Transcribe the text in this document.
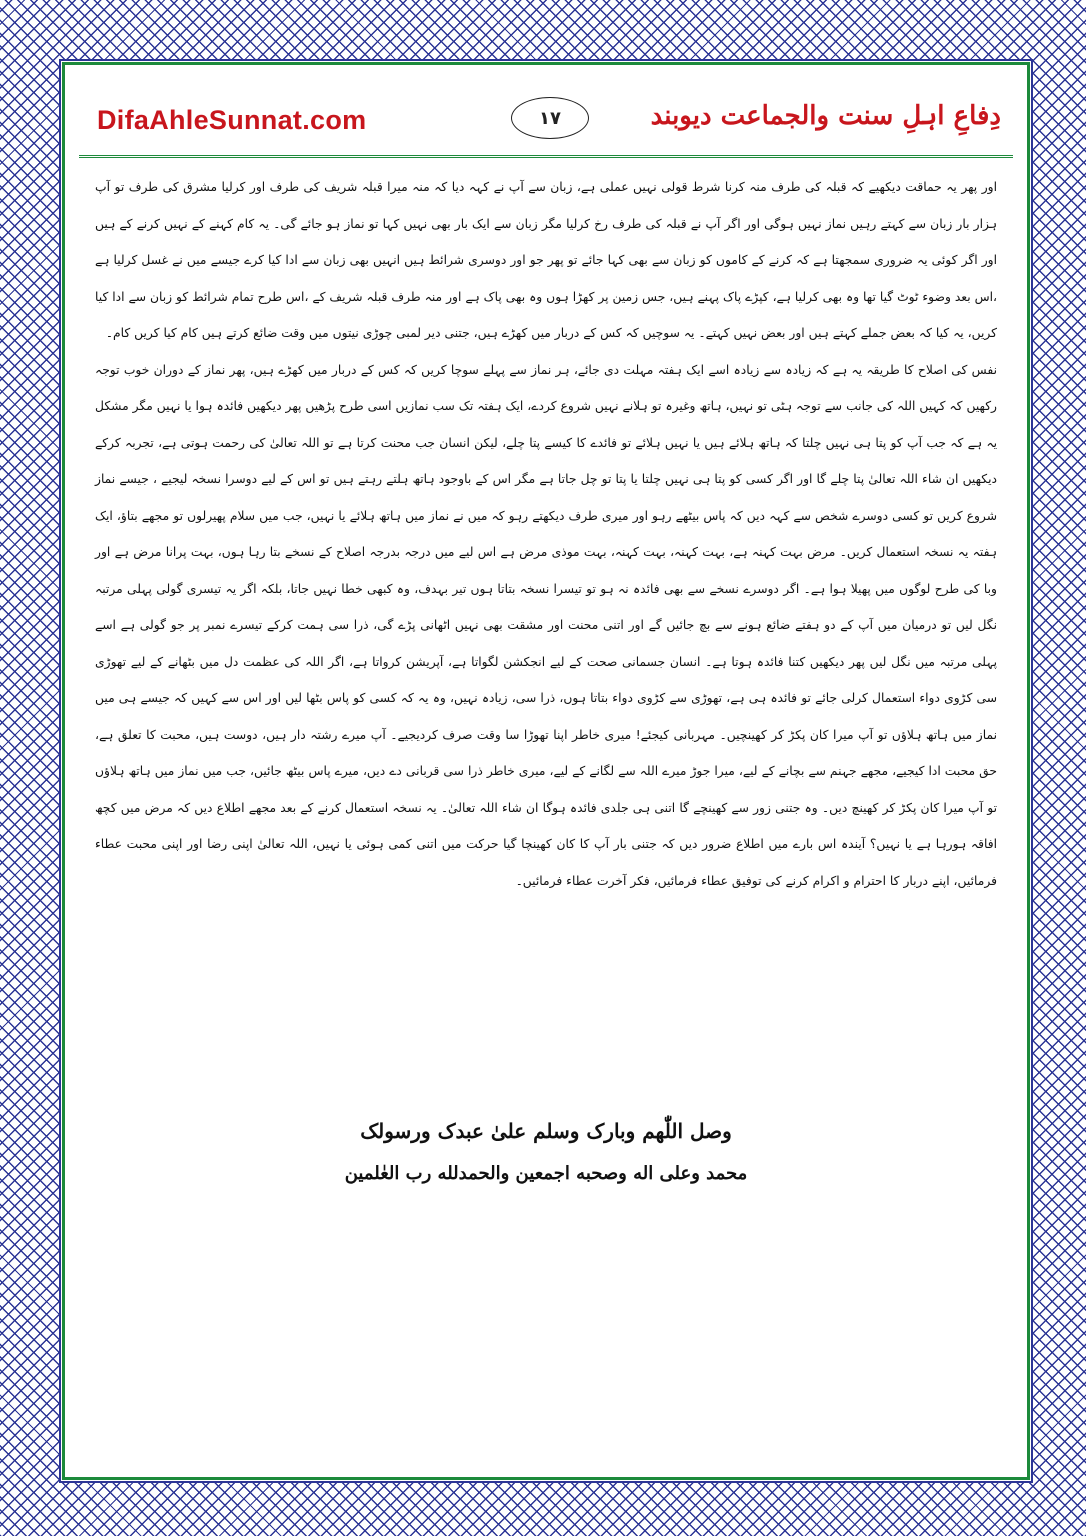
DifaAhleSunnat.com	۱۷	دِفاعِ اہلِ سنت والجماعت دیوبند

اور پھر یہ حماقت دیکھیے کہ قبلہ کی طرف منہ کرنا شرط قولی نہیں عملی ہے، زبان سے آپ نے کہہ دیا کہ منہ میرا قبلہ شریف کی طرف اور کرلیا مشرق کی طرف تو آپ ہزار بار زبان سے کہتے رہیں نماز نہیں ہوگی اور اگر آپ نے قبلہ کی طرف رخ کرلیا مگر زبان سے ایک بار بھی نہیں کہا تو نماز ہو جائے گی۔ یہ کام کہنے کے نہیں کرنے کے ہیں اور اگر کوئی یہ ضروری سمجھتا ہے کہ کرنے کے کاموں کو زبان سے بھی کہا جائے تو پھر جو اور دوسری شرائط ہیں انہیں بھی زبان سے ادا کیا کرے جیسے میں نے غسل کرلیا ہے ،اس بعد وضوء ٹوٹ گیا تھا وہ بھی کرلیا ہے، کپڑے پاک پہنے ہیں، جس زمین پر کھڑا ہوں وہ بھی پاک ہے اور منہ طرف قبلہ شریف کے ،اس طرح تمام شرائط کو زبان سے ادا کیا کریں، یہ کیا کہ بعض جملے کہتے ہیں اور بعض نہیں کہتے۔ یہ سوچیں کہ کس کے دربار میں کھڑے ہیں، جتنی دیر لمبی چوڑی نیتوں میں وقت ضائع کرتے ہیں کام کیا کریں کام۔

نفس کی اصلاح کا طریقہ یہ ہے کہ زیادہ سے زیادہ اسے ایک ہفتہ مہلت دی جائے، ہر نماز سے پہلے سوچا کریں کہ کس کے دربار میں کھڑے ہیں، پھر نماز کے دوران خوب توجہ رکھیں کہ کہیں اللہ کی جانب سے توجہ ہٹی تو نہیں، ہاتھ وغیرہ تو ہلانے نہیں شروع کردے، ایک ہفتہ تک سب نمازیں اسی طرح پڑھیں پھر دیکھیں فائدہ ہوا یا نہیں مگر مشکل یہ ہے کہ جب آپ کو پتا ہی نہیں چلتا کہ ہاتھ ہلائے ہیں یا نہیں ہلائے تو فائدے کا کیسے پتا چلے، لیکن انسان جب محنت کرتا ہے تو اللہ تعالیٰ کی رحمت ہوتی ہے، تجربہ کرکے دیکھیں ان شاء اللہ تعالیٰ پتا چلے گا اور اگر کسی کو پتا ہی نہیں چلتا یا پتا تو چل جاتا ہے مگر اس کے باوجود ہاتھ ہلتے رہتے ہیں تو اس کے لیے دوسرا نسخہ لیجیے ، جیسے نماز شروع کریں تو کسی دوسرے شخص سے کہہ دیں کہ پاس بیٹھے رہو اور میری طرف دیکھتے رہو کہ میں نے نماز میں ہاتھ ہلائے یا نہیں، جب میں سلام پھیرلوں تو مجھے بتاؤ، ایک ہفتہ یہ نسخہ استعمال کریں۔ مرض بہت کہنہ ہے، بہت کہنہ، بہت کہنہ، بہت موذی مرض ہے اس لیے میں درجہ بدرجہ اصلاح کے نسخے بتا رہا ہوں، بہت پرانا مرض ہے اور وبا کی طرح لوگوں میں پھیلا ہوا ہے۔ اگر دوسرے نسخے سے بھی فائدہ نہ ہو تو تیسرا نسخہ بتاتا ہوں تیر بہدف، وہ کبھی خطا نہیں جاتا، بلکہ اگر یہ تیسری گولی پہلی مرتبہ نگل لیں تو درمیان میں آپ کے دو ہفتے ضائع ہونے سے بچ جائیں گے اور اتنی محنت اور مشقت بھی نہیں اٹھانی پڑے گی، ذرا سی ہمت کرکے تیسرے نمبر پر جو گولی ہے اسے پہلی مرتبہ میں نگل لیں پھر دیکھیں کتنا فائدہ ہوتا ہے۔ انسان جسمانی صحت کے لیے انجکشن لگواتا ہے، آپریشن کرواتا ہے، اگر اللہ کی عظمت دل میں بٹھانے کے لیے تھوڑی سی کڑوی دواء استعمال کرلی جائے تو فائدہ ہی ہے، تھوڑی سے کڑوی دواء بتاتا ہوں، ذرا سی، زیادہ نہیں، وہ یہ کہ کسی کو پاس بٹھا لیں اور اس سے کہیں کہ جیسے ہی میں نماز میں ہاتھ ہلاؤں تو آپ میرا کان پکڑ کر کھینچیں۔ مہربانی کیجئے! میری خاطر اپنا تھوڑا سا وقت صرف کردیجیے۔ آپ میرے رشتہ دار ہیں، دوست ہیں، محبت کا تعلق ہے، حق محبت ادا کیجیے، مجھے جہنم سے بچانے کے لیے، میرا جوڑ میرے اللہ سے لگانے کے لیے، میری خاطر ذرا سی قربانی دے دیں، میرے پاس بیٹھ جائیں، جب میں نماز میں ہاتھ ہلاؤں تو آپ میرا کان پکڑ کر کھینچ دیں۔ وہ جتنی زور سے کھینچے گا اتنی ہی جلدی فائدہ ہوگا ان شاء اللہ تعالیٰ۔ یہ نسخہ استعمال کرنے کے بعد مجھے اطلاع دیں کہ مرض میں کچھ افاقہ ہورہا ہے یا نہیں؟ آیندہ اس بارے میں اطلاع ضرور دیں کہ جتنی بار آپ کا کان کھینچا گیا حرکت میں اتنی کمی ہوئی یا نہیں، اللہ تعالیٰ اپنی رضا اور اپنی محبت عطاء فرمائیں، اپنے دربار کا احترام و اکرام کرنے کی توفیق عطاء فرمائیں، فکر آخرت عطاء فرمائیں۔

وصل اللّٰھم وبارک وسلم علیٰ عبدک ورسولک
محمد وعلی اله وصحبه اجمعین والحمدلله رب العٰلمین
